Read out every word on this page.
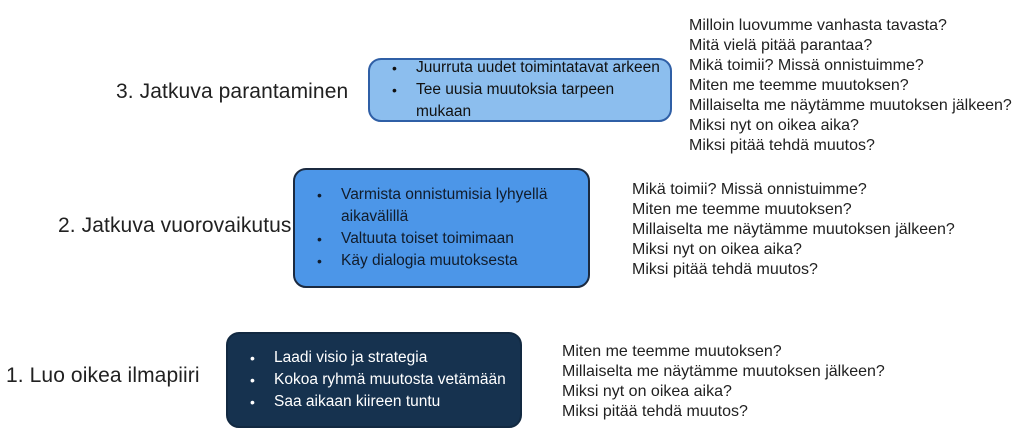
3. Jatkuva parantaminen
•	Juurruta uudet toimintatavat arkeen
•	Tee uusia muutoksia tarpeen mukaan
Milloin luovumme vanhasta tavasta?
Mitä vielä pitää parantaa?
Mikä toimii? Missä onnistuimme?
Miten me teemme muutoksen?
Millaiselta me näytämme muutoksen jälkeen?
Miksi nyt on oikea aika?
Miksi pitää tehdä muutos?
2. Jatkuva vuorovaikutus
•	Varmista onnistumisia lyhyellä aikavälillä
•	Valtuuta toiset toimimaan
•	Käy dialogia muutoksesta
Mikä toimii? Missä onnistuimme?
Miten me teemme muutoksen?
Millaiselta me näytämme muutoksen jälkeen?
Miksi nyt on oikea aika?
Miksi pitää tehdä muutos?
1. Luo oikea ilmapiiri
•	Laadi visio ja strategia
•	Kokoa ryhmä muutosta vetämään
•	Saa aikaan kiireen tuntu
Miten me teemme muutoksen?
Millaiselta me näytämme muutoksen jälkeen?
Miksi nyt on oikea aika?
Miksi pitää tehdä muutos?
